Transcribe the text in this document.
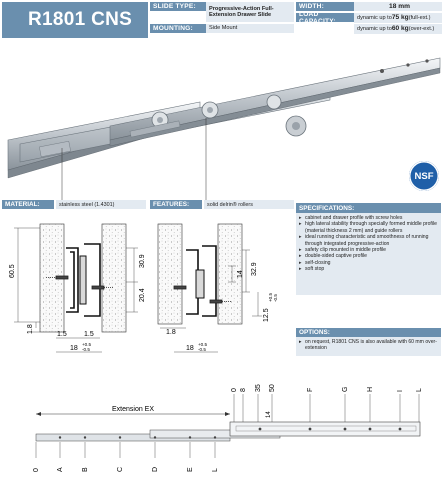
R1801 CNS
SLIDE TYPE:	Progressive-Action Full-Extension Drawer Slide
MOUNTING:	Side Mount
WIDTH:	18 mm
LOAD CAPACITY:	dynamic up to 75 kg (full-ext.)
dynamic up to 60 kg (over-ext.)
NSF
MATERIAL:	stainless steel (1.4301)	FEATURES:	solid delrin® rollers	SPECIFICATIONS:
▸ cabinet and drawer profile with screw holes
▸ high lateral stability through specially formed middle profile (material thickness 2 mm) and guide rollers
▸ ideal running characteristic and smoothness of running through integrated progressive-action
▸ safety clip mounted in middle profile
▸ double-sided captive profile
▸ self-closing
▸ soft stop
OPTIONS:
▸ on request, R1801 CNS is also available with 60 mm over-extension
60.5
30.9
20.4
1.8
1.5 1.5
18
+0.5
-0.5
32.9
14
12.5
+0.5 -0.5
1.8
18
+0.5
-0.5
Extension EX
0 8 35 50
14
F	G	H	I L
0 A	B	C	D	E	L
